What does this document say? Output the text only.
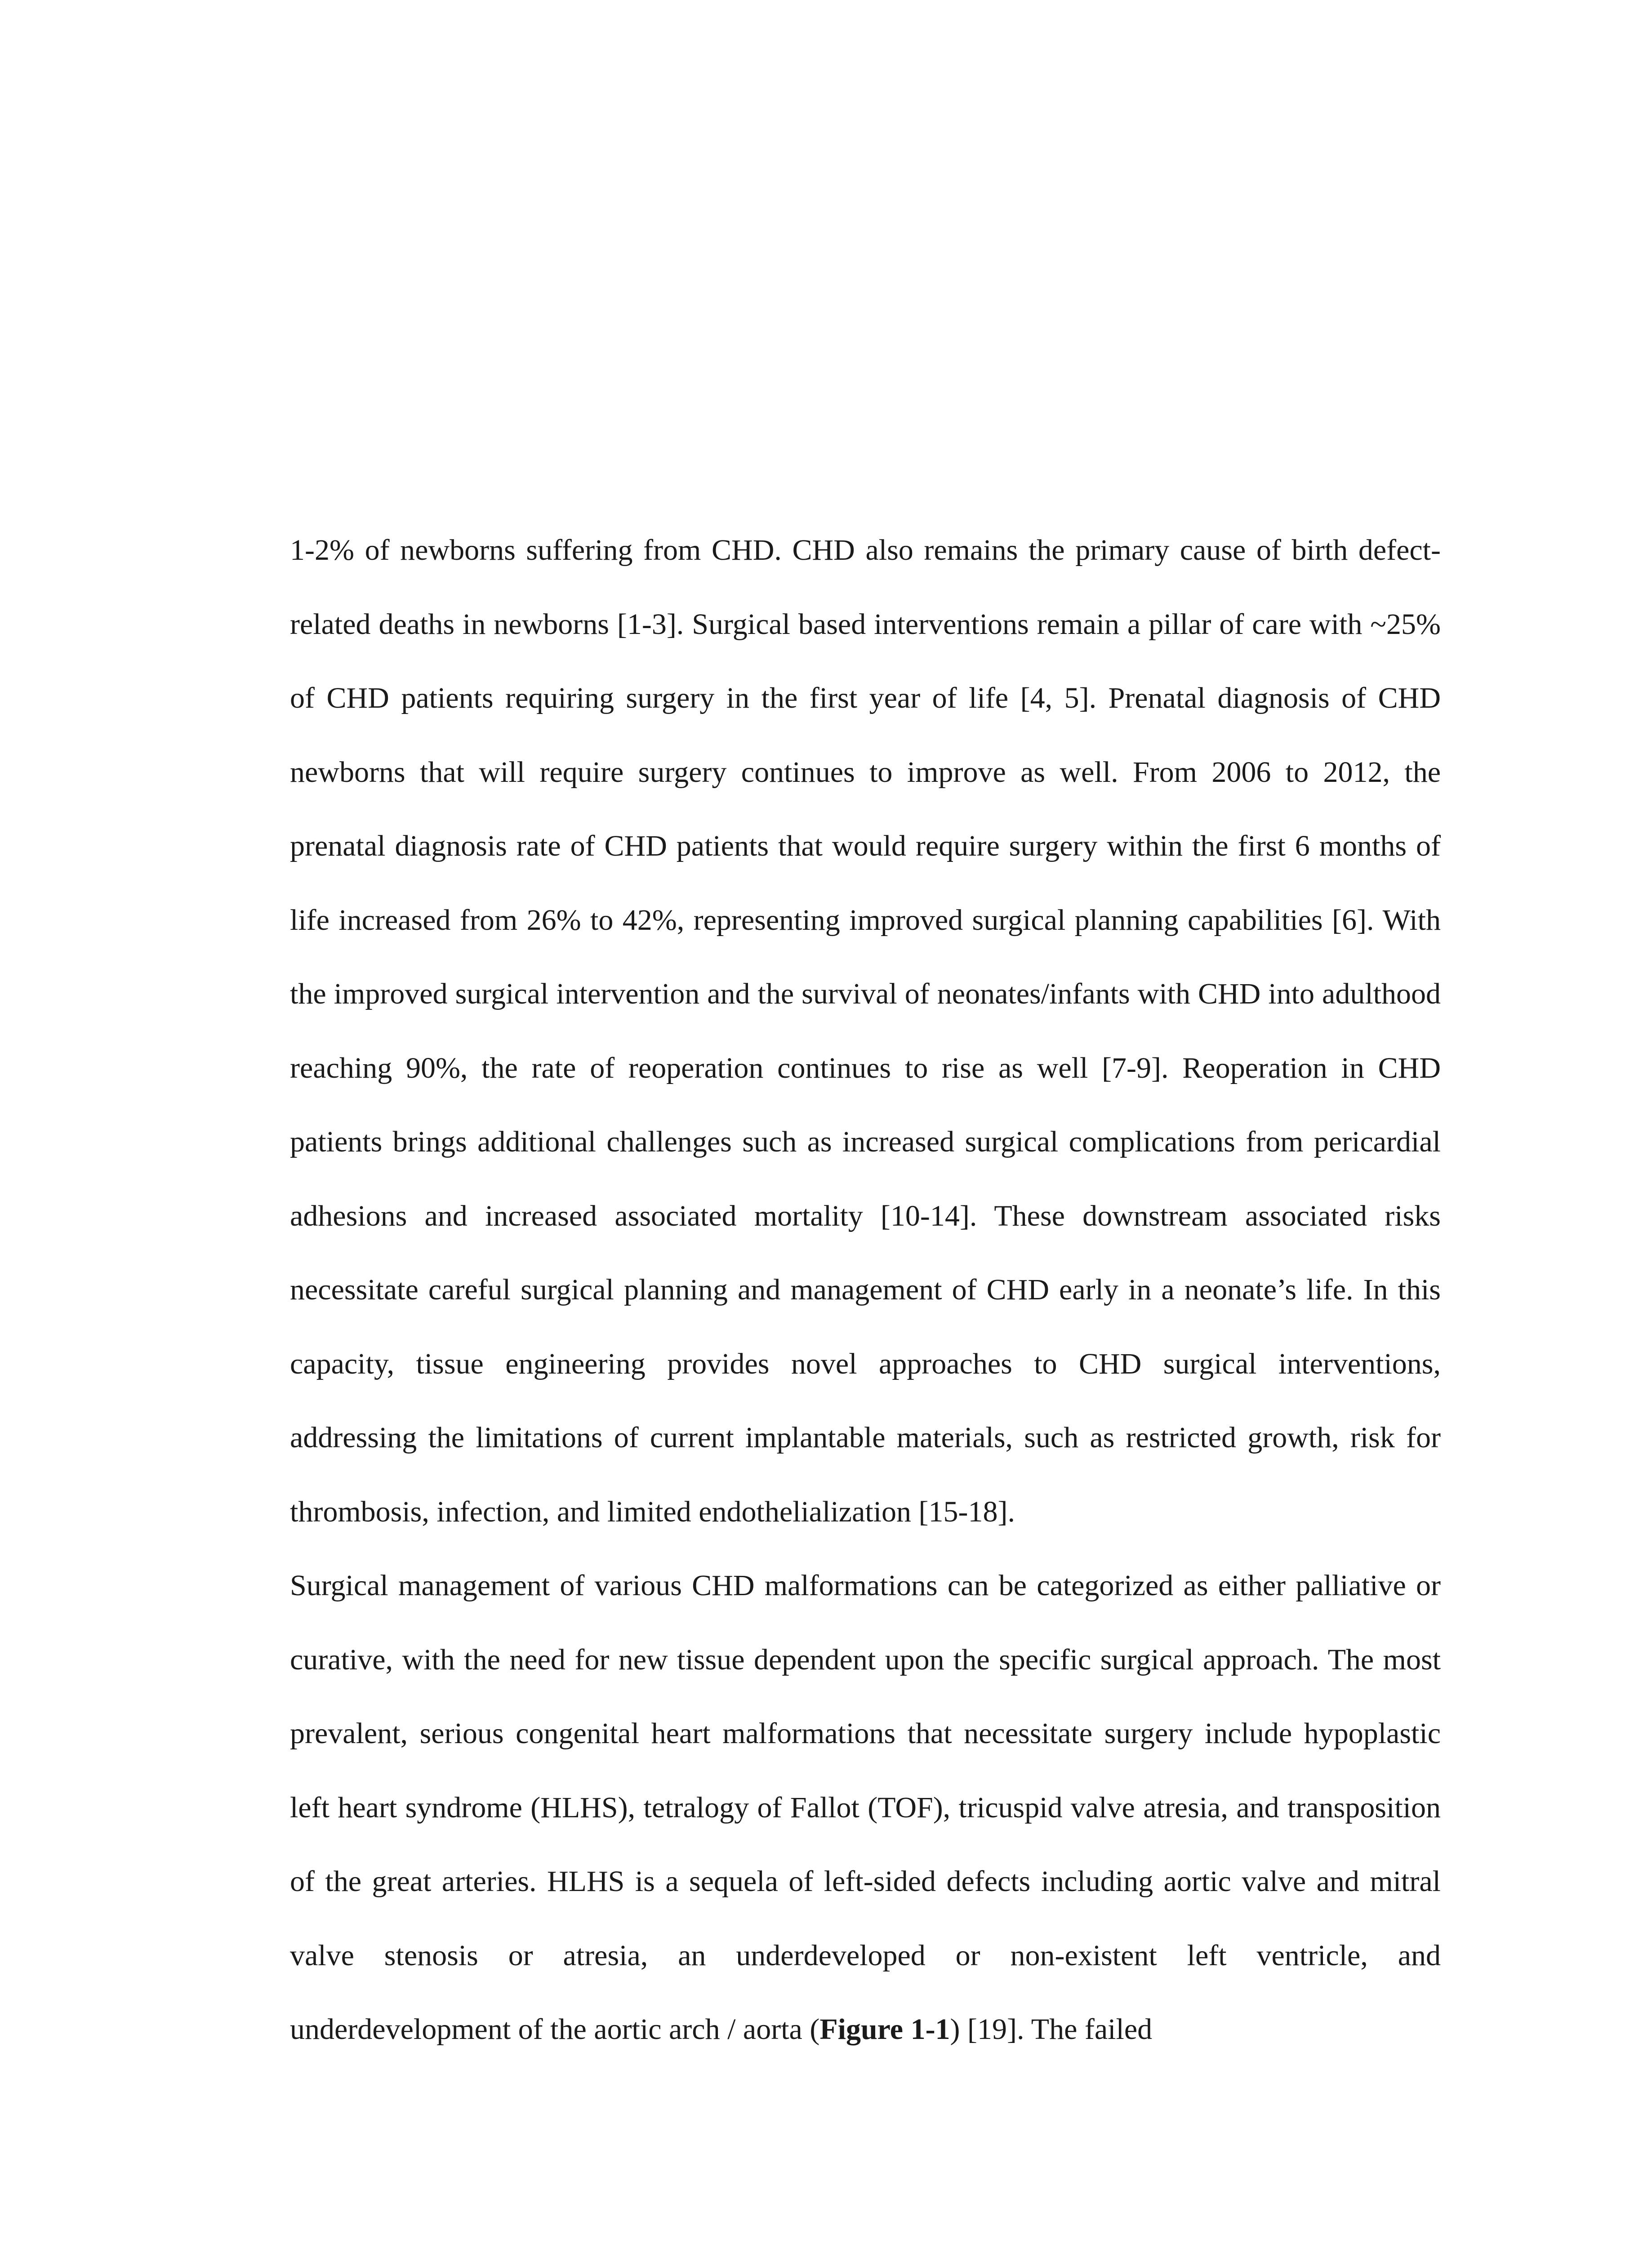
1-2% of newborns suffering from CHD. CHD also remains the primary cause of birth defect-related deaths in newborns [1-3]. Surgical based interventions remain a pillar of care with ~25% of CHD patients requiring surgery in the first year of life [4, 5]. Prenatal diagnosis of CHD newborns that will require surgery continues to improve as well. From 2006 to 2012, the prenatal diagnosis rate of CHD patients that would require surgery within the first 6 months of life increased from 26% to 42%, representing improved surgical planning capabilities [6]. With the improved surgical intervention and the survival of neonates/infants with CHD into adulthood reaching 90%, the rate of reoperation continues to rise as well [7-9]. Reoperation in CHD patients brings additional challenges such as increased surgical complications from pericardial adhesions and increased associated mortality [10-14]. These downstream associated risks necessitate careful surgical planning and management of CHD early in a neonate’s life. In this capacity, tissue engineering provides novel approaches to CHD surgical interventions, addressing the limitations of current implantable materials, such as restricted growth, risk for thrombosis, infection, and limited endothelialization [15-18].

Surgical management of various CHD malformations can be categorized as either palliative or curative, with the need for new tissue dependent upon the specific surgical approach. The most prevalent, serious congenital heart malformations that necessitate surgery include hypoplastic left heart syndrome (HLHS), tetralogy of Fallot (TOF), tricuspid valve atresia, and transposition of the great arteries. HLHS is a sequela of left-sided defects including aortic valve and mitral valve stenosis or atresia, an underdeveloped or non-existent left ventricle, and underdevelopment of the aortic arch / aorta (Figure 1-1) [19]. The failed
